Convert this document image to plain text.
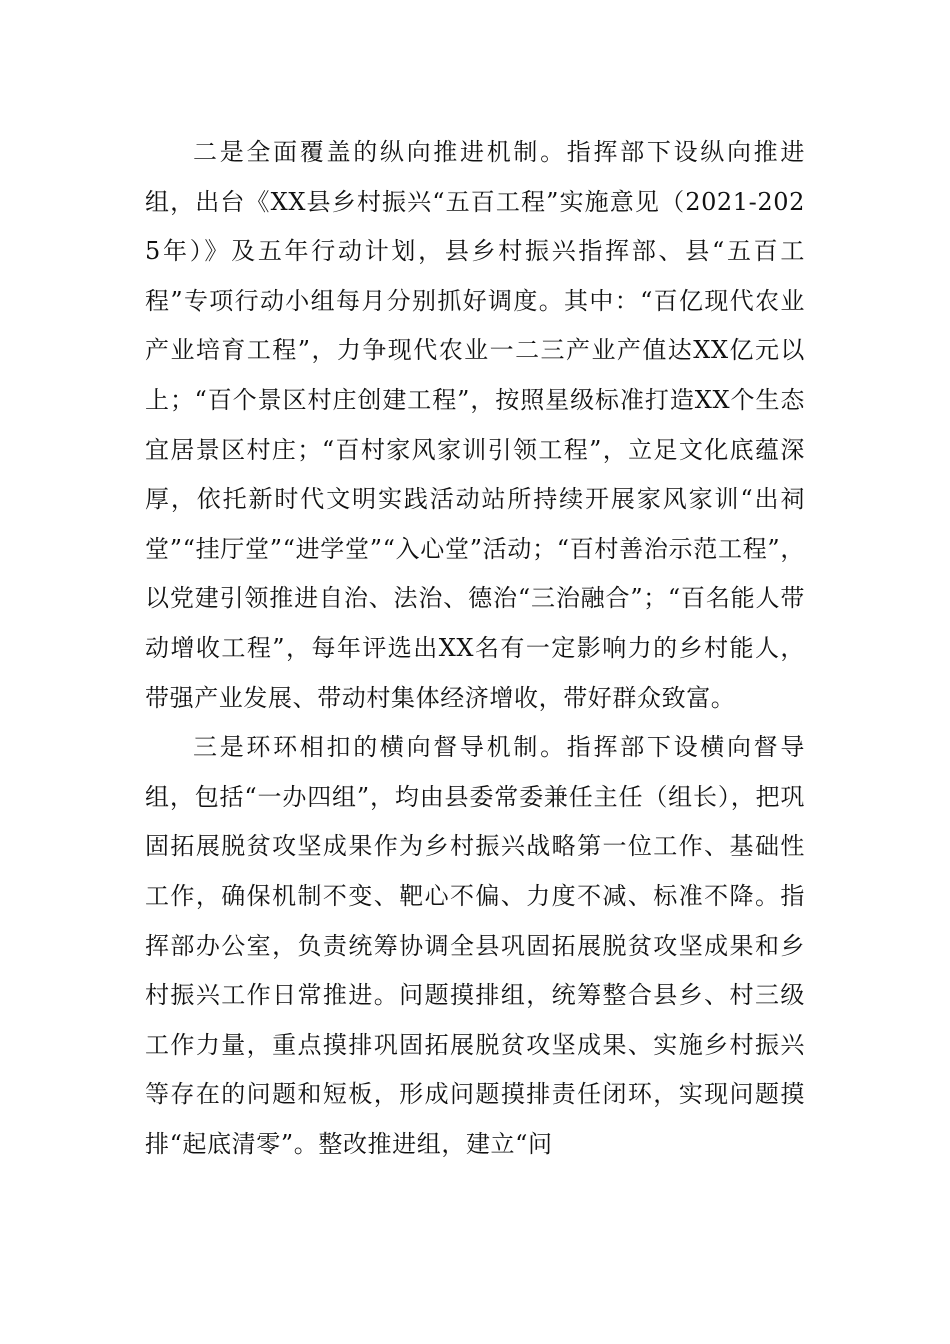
二是全面覆盖的纵向推进机制。指挥部下设纵向推进组，出台《XX县乡村振兴“五百工程”实施意见（2021-2025年）》及五年行动计划，县乡村振兴指挥部、县“五百工程”专项行动小组每月分别抓好调度。其中：“百亿现代农业产业培育工程”，力争现代农业一二三产业产值达XX亿元以上；“百个景区村庄创建工程”，按照星级标准打造XX个生态宜居景区村庄；“百村家风家训引领工程”，立足文化底蕴深厚，依托新时代文明实践活动站所持续开展家风家训“出祠堂”“挂厅堂”“进学堂”“入心堂”活动；“百村善治示范工程”，以党建引领推进自治、法治、德治“三治融合”；“百名能人带动增收工程”，每年评选出XX名有一定影响力的乡村能人，带强产业发展、带动村集体经济增收，带好群众致富。

三是环环相扣的横向督导机制。指挥部下设横向督导组，包括“一办四组”，均由县委常委兼任主任（组长），把巩固拓展脱贫攻坚成果作为乡村振兴战略第一位工作、基础性工作，确保机制不变、靶心不偏、力度不减、标准不降。指挥部办公室，负责统筹协调全县巩固拓展脱贫攻坚成果和乡村振兴工作日常推进。问题摸排组，统筹整合县乡、村三级工作力量，重点摸排巩固拓展脱贫攻坚成果、实施乡村振兴等存在的问题和短板，形成问题摸排责任闭环，实现问题摸排“起底清零”。整改推进组，建立“问
